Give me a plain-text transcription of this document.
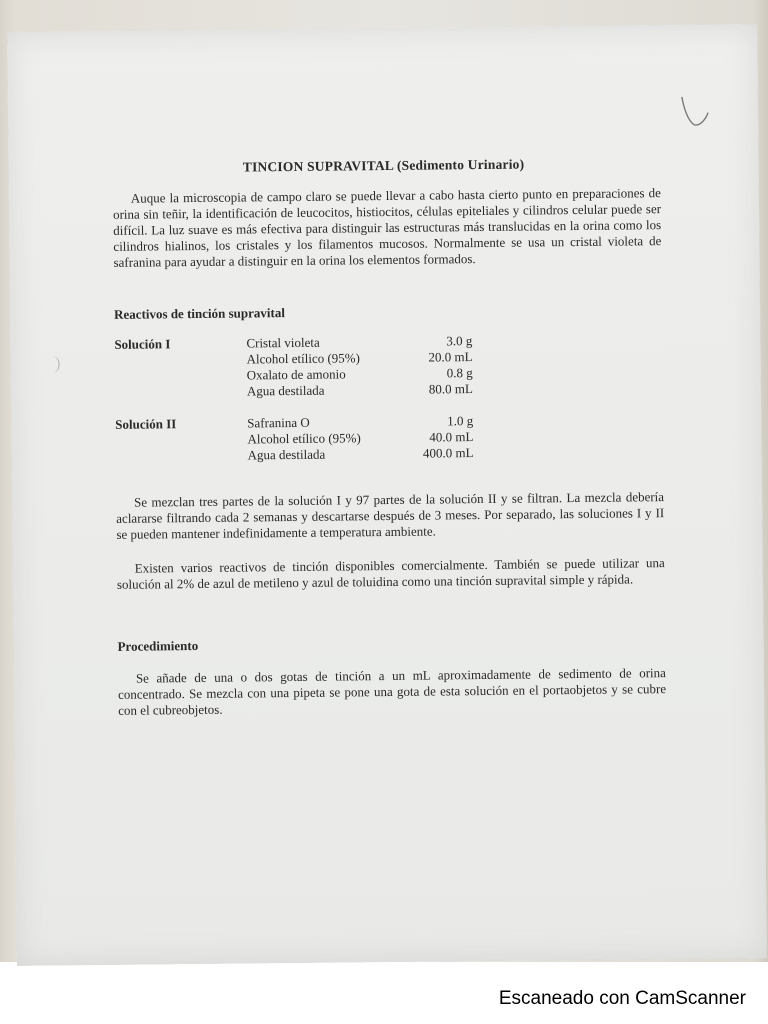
TINCION SUPRAVITAL (Sedimento Urinario)
Auque la microscopia de campo claro se puede llevar a cabo hasta cierto punto en preparaciones de orina sin teñir, la identificación de leucocitos, histiocitos, células epiteliales y cilindros celular puede ser difícil. La luz suave es más efectiva para distinguir las estructuras más translucidas en la orina como los cilindros hialinos, los cristales y los filamentos mucosos. Normalmente se usa un cristal violeta de safranina para ayudar a distinguir en la orina los elementos formados.
Reactivos de tinción supravital
Solución I	Cristal violeta	3.0 g
Alcohol etílico (95%)	20.0 mL
Oxalato de amonio	0.8 g
Agua destilada	80.0 mL
Solución II	Safranina O	1.0 g
Alcohol etílico (95%)	40.0 mL
Agua destilada	400.0 mL
Se mezclan tres partes de la solución I y 97 partes de la solución II y se filtran. La mezcla debería aclararse filtrando cada 2 semanas y descartarse después de 3 meses. Por separado, las soluciones I y II se pueden mantener indefinidamente a temperatura ambiente.
Existen varios reactivos de tinción disponibles comercialmente. También se puede utilizar una solución al 2% de azul de metileno y azul de toluidina como una tinción supravital simple y rápida.
Procedimiento
Se añade de una o dos gotas de tinción a un mL aproximadamente de sedimento de orina concentrado. Se mezcla con una pipeta se pone una gota de esta solución en el portaobjetos y se cubre con el cubreobjetos.
Escaneado con CamScanner
